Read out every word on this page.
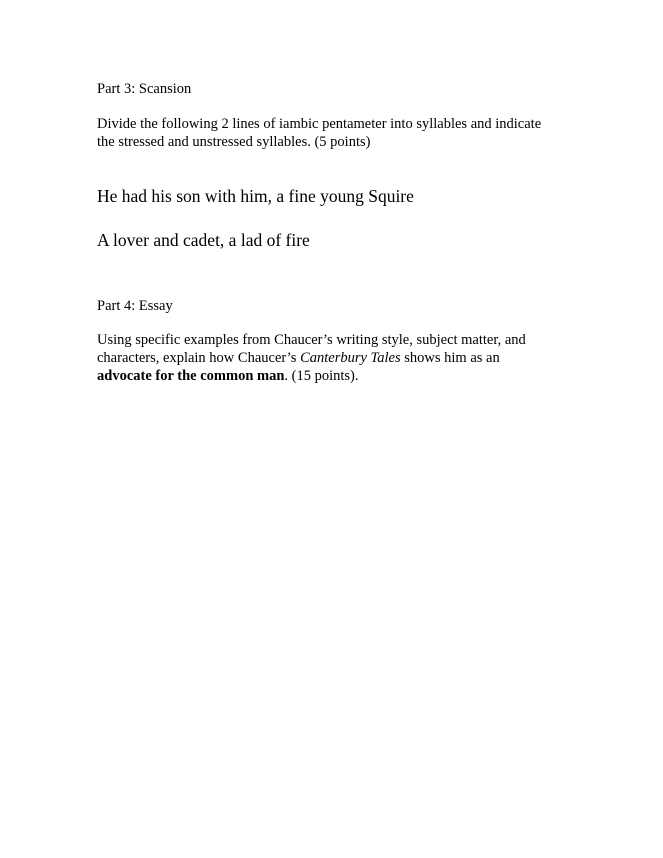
Part 3: Scansion

Divide the following 2 lines of iambic pentameter into syllables and indicate
the stressed and unstressed syllables. (5 points)

He had his son with him, a fine young Squire

A lover and cadet, a lad of fire

Part 4: Essay

Using specific examples from Chaucer’s writing style, subject matter, and
characters, explain how Chaucer’s Canterbury Tales shows him as an
advocate for the common man. (15 points).
